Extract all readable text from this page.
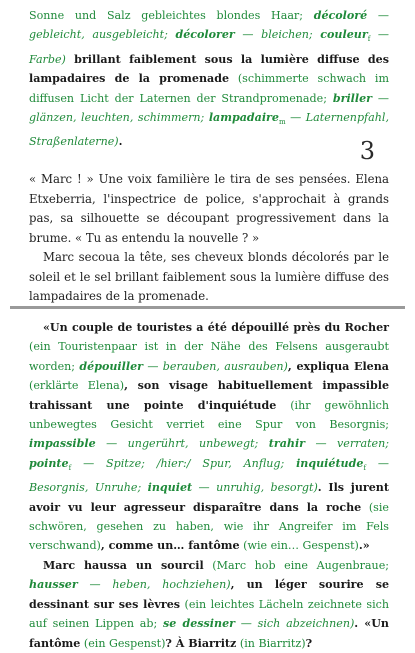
Sonne und Salz gebleichtes blondes Haar; décoloré — gebleicht, ausgebleicht; décolorer — bleichen; couleur$_f$ — Farbe) brillant faiblement sous la lumière diffuse des lampadaires de la promenade (schimmerte schwach im diffusen Licht der Laternen der Strandpromenade; briller — glänzen, leuchten, schimmern; lampadaire$_m$ — Laternenpfahl, Straßenlaterne).	3

« Marc ! » Une voix familière le tira de ses pensées. Elena Etxeberria, l'inspectrice de police, s'approchait à grands pas, sa silhouette se découpant progressivement dans la brume. « Tu as entendu la nouvelle ? »

Marc secoua la tête, ses cheveux blonds décolorés par le soleil et le sel brillant faiblement sous la lumière diffuse des lampadaires de la promenade.

«Un couple de touristes a été dépouillé près du Rocher (ein Touristenpaar ist in der Nähe des Felsens ausgeraubt worden; dépouiller — berauben, ausrauben), expliqua Elena (erklärte Elena), son visage habituellement impassible trahissant une pointe d'inquiétude (ihr gewöhnlich unbewegtes Gesicht verriet eine Spur von Besorgnis; impassible — ungerührt, unbewegt; trahir — verraten; pointe$_f$ — Spitze; /hier:/ Spur, Anflug; inquiétude$_f$ — Besorgnis, Unruhe; inquiet — unruhig, besorgt). Ils jurent avoir vu leur agresseur disparaître dans la roche (sie schwören, gesehen zu haben, wie ihr Angreifer im Fels verschwand), comme un… fantôme (wie ein… Gespenst).»

Marc haussa un sourcil (Marc hob eine Augenbraue; hausser — heben, hochziehen), un léger sourire se dessinant sur ses lèvres (ein leichtes Lächeln zeichnete sich auf seinen Lippen ab; se dessiner — sich abzeichnen). «Un fantôme (ein Gespenst)? À Biarritz (in Biarritz)?
